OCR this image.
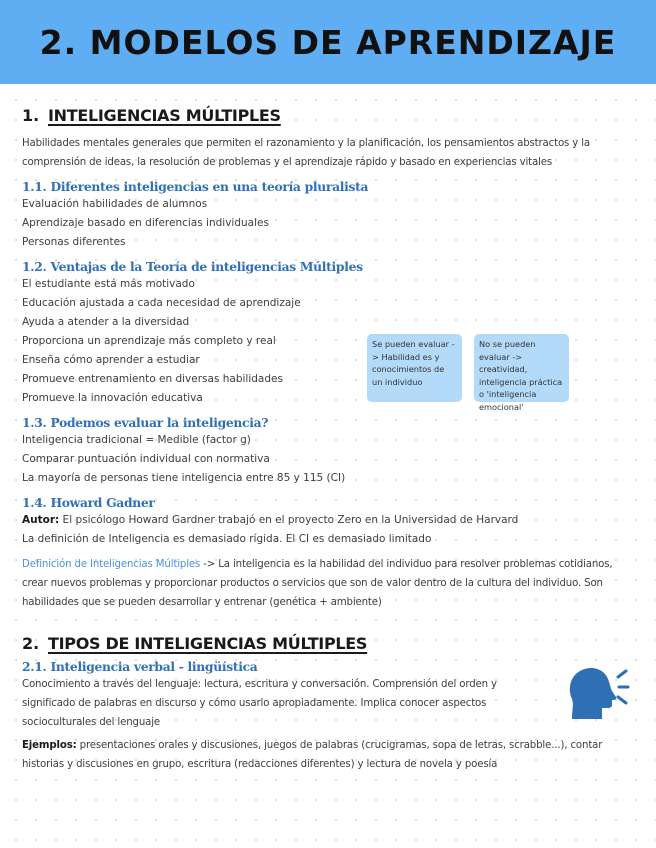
2. MODELOS DE APRENDIZAJE
Se pueden evaluar -> Habilidad es y conocimientos de un individuo
No se pueden evaluar -> creatividad, inteligencia práctica o 'inteligencia emocional'
1. INTELIGENCIAS MÚLTIPLES

Habilidades mentales generales que permiten el razonamiento y la planificación, los pensamientos abstractos y la comprensión de ideas, la resolución de problemas y el aprendizaje rápido y basado en experiencias vitales

1.1. Diferentes inteligencias en una teoría pluralista
Evaluación habilidades de alumnos
Aprendizaje basado en diferencias individuales
Personas diferentes
1.2. Ventajas de la Teoría de inteligencias Múltiples
El estudiante está más motivado
Educación ajustada a cada necesidad de aprendizaje
Ayuda a atender a la diversidad
Proporciona un aprendizaje más completo y real
Enseña cómo aprender a estudiar
Promueve entrenamiento en diversas habilidades
Promueve la innovación educativa
1.3. Podemos evaluar la inteligencia?
Inteligencia tradicional = Medible (factor g)
Comparar puntuación individual con normativa
La mayoría de personas tiene inteligencia entre 85 y 115 (CI)
1.4. Howard Gadner
Autor: El psicólogo Howard Gardner trabajó en el proyecto Zero en la Universidad de Harvard
La definición de Inteligencia es demasiado rígida. El CI es demasiado limitado

Definición de Inteligencias Múltiples -> La inteligencia es la habilidad del individuo para resolver problemas cotidianos, crear nuevos problemas y proporcionar productos o servicios que son de valor dentro de la cultura del individuo. Son habilidades que se pueden desarrollar y entrenar (genética + ambiente)

2. TIPOS DE INTELIGENCIAS MÚLTIPLES
2.1. Inteligencia verbal - lingüística

Conocimiento a través del lenguaje: lectura, escritura y conversación. Comprensión del orden y significado de palabras en discurso y cómo usarlo apropiadamente. Implica conocer aspectos socioculturales del lenguaje

Ejemplos: presentaciones orales y discusiones, juegos de palabras (crucigramas, sopa de letras, scrabble...), contar historias y discusiones en grupo, escritura (redacciones diferentes) y lectura de novela y poesía
